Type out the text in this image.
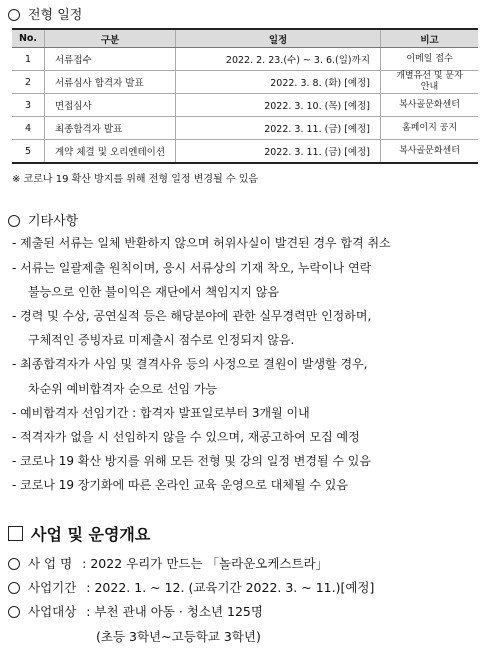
전형 일정
No.	구분	일정	비고
1	서류접수	2022. 2. 23.(수) ~ 3. 6.(일)까지	이메일 접수
2	서류심사 합격자 발표	2022. 3. 8. (화) [예정]	개별유선 및 문자안내
3	면접심사	2022. 3. 10. (목) [예정]	복사골문화센터
4	최종합격자 발표	2022. 3. 11. (금) [예정]	홈페이지 공지
5	계약 체결 및 오리엔테이션	2022. 3. 11. (금) [예정]	복사골문화센터
※ 코로나 19 확산 방지를 위해 전형 일정 변경될 수 있음
기타사항
- 제출된 서류는 일체 반환하지 않으며 허위사실이 발견된 경우 합격 취소
- 서류는 일괄제출 원칙이며, 응시 서류상의 기재 착오, 누락이나 연락
불능으로 인한 불이익은 재단에서 책임지지 않음
- 경력 및 수상, 공연실적 등은 해당분야에 관한 실무경력만 인정하며,
구체적인 증빙자료 미제출시 점수로 인정되지 않음.
- 최종합격자가 사임 및 결격사유 등의 사정으로 결원이 발생할 경우,
차순위 예비합격자 순으로 선임 가능
- 예비합격자 선임기간 : 합격자 발표일로부터 3개월 이내
- 적격자가 없을 시 선임하지 않을 수 있으며, 재공고하여 모집 예정
- 코로나 19 확산 방지를 위해 모든 전형 및 강의 일정 변경될 수 있음
- 코로나 19 장기화에 따른 온라인 교육 운영으로 대체될 수 있음
사업 및 운영개요
사 업 명 : 2022 우리가 만드는 「놀라운오케스트라」
사업기간 : 2022. 1. ~ 12. (교육기간 2022. 3. ~ 11.)[예정]
사업대상 : 부천 관내 아동 · 청소년 125명
(초등 3학년~고등학교 3학년)
